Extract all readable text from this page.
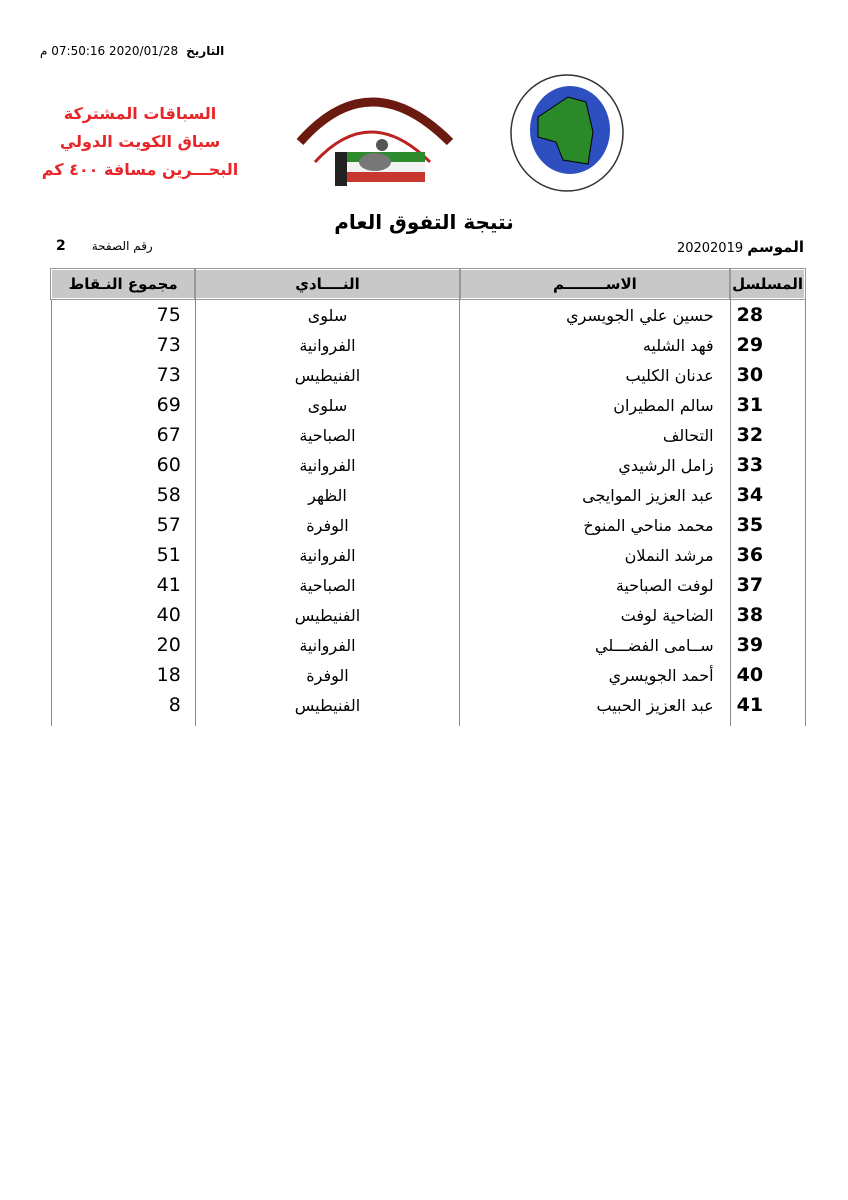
التاريخ2020/01/28 07:50:16 م
السباقات المشتركة
سباق الكويت الدولي
البحـــرين مسافة ٤٠٠ كم
نتيجة التفوق العام
الموسم 20202019
رقم الصفحة2
المسلسل	الاســــــــم	النــــادي	مجموع النـقاط
28	حسين علي الجويسري	سلوى	75
29	فهد الشليه	الفروانية	73
30	عدنان الكليب	الفنيطيس	73
31	سالم المطيران	سلوى	69
32	التحالف	الصباحية	67
33	زامل الرشيدي	الفروانية	60
34	عبد العزيز الموايجى	الظهر	58
35	محمد مناحي المنوخ	الوفرة	57
36	مرشد النملان	الفروانية	51
37	لوفت الصباحية	الصباحية	41
38	الضاحية لوفت	الفنيطيس	40
39	ســامى الفضـــلي	الفروانية	20
40	أحمد الجويسري	الوفرة	18
41	عبد العزيز الحبيب	الفنيطيس	8
